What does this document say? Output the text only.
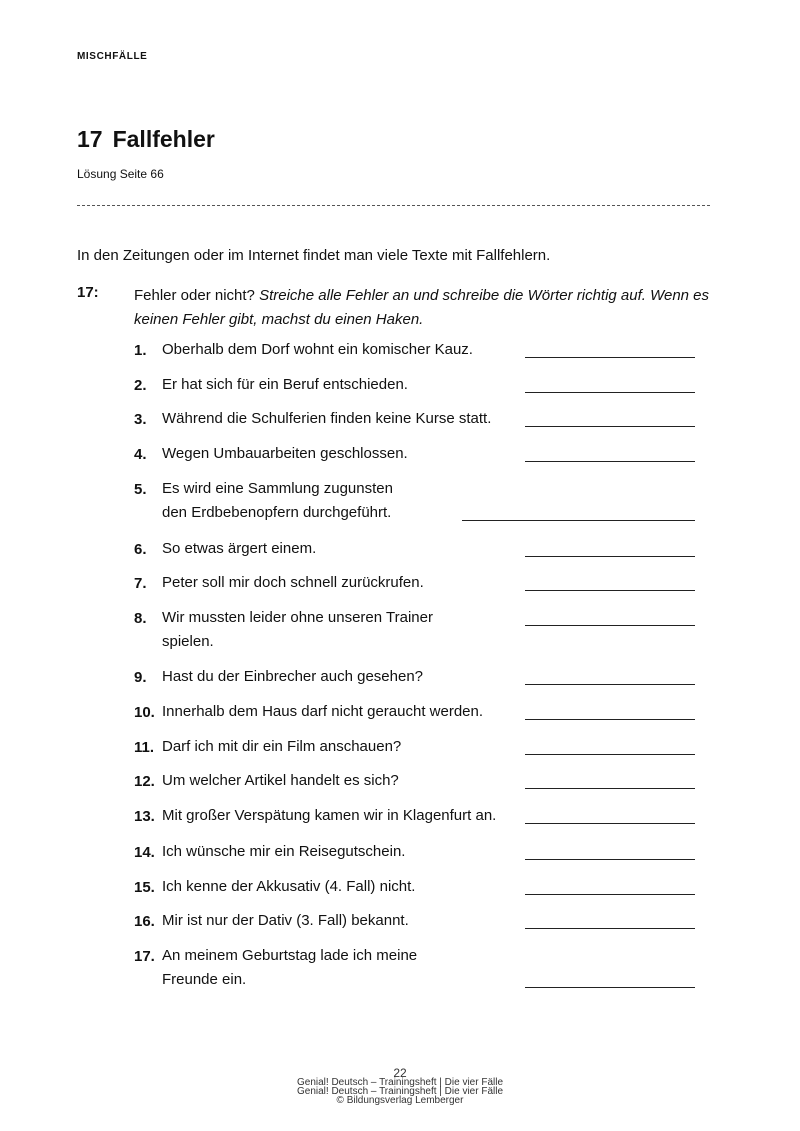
MISCHFÄLLE
17 Fallfehler
Lösung Seite 66
In den Zeitungen oder im Internet findet man viele Texte mit Fallfehlern.
17: Fehler oder nicht? Streiche alle Fehler an und schreibe die Wörter richtig auf. Wenn es keinen Fehler gibt, machst du einen Haken.
1. Oberhalb dem Dorf wohnt ein komischer Kauz.
2. Er hat sich für ein Beruf entschieden.
3. Während die Schulferien finden keine Kurse statt.
4. Wegen Umbauarbeiten geschlossen.
5. Es wird eine Sammlung zugunsten
den Erdbebenopfern durchgeführt.
6. So etwas ärgert einem.
7. Peter soll mir doch schnell zurückrufen.
8. Wir mussten leider ohne unseren Trainer
spielen.
9. Hast du der Einbrecher auch gesehen?
10. Innerhalb dem Haus darf nicht geraucht werden.
11. Darf ich mit dir ein Film anschauen?
12. Um welcher Artikel handelt es sich?
13. Mit großer Verspätung kamen wir in Klagenfurt an.
14. Ich wünsche mir ein Reisegutschein.
15. Ich kenne der Akkusativ (4. Fall) nicht.
16. Mir ist nur der Dativ (3. Fall) bekannt.
17. An meinem Geburtstag lade ich meine
Freunde ein.
22
Genial! Deutsch – Trainingsheft | Die vier Fälle
Genial! Deutsch – Trainingsheft | Die vier Fälle
© Bildungsverlag Lemberger
